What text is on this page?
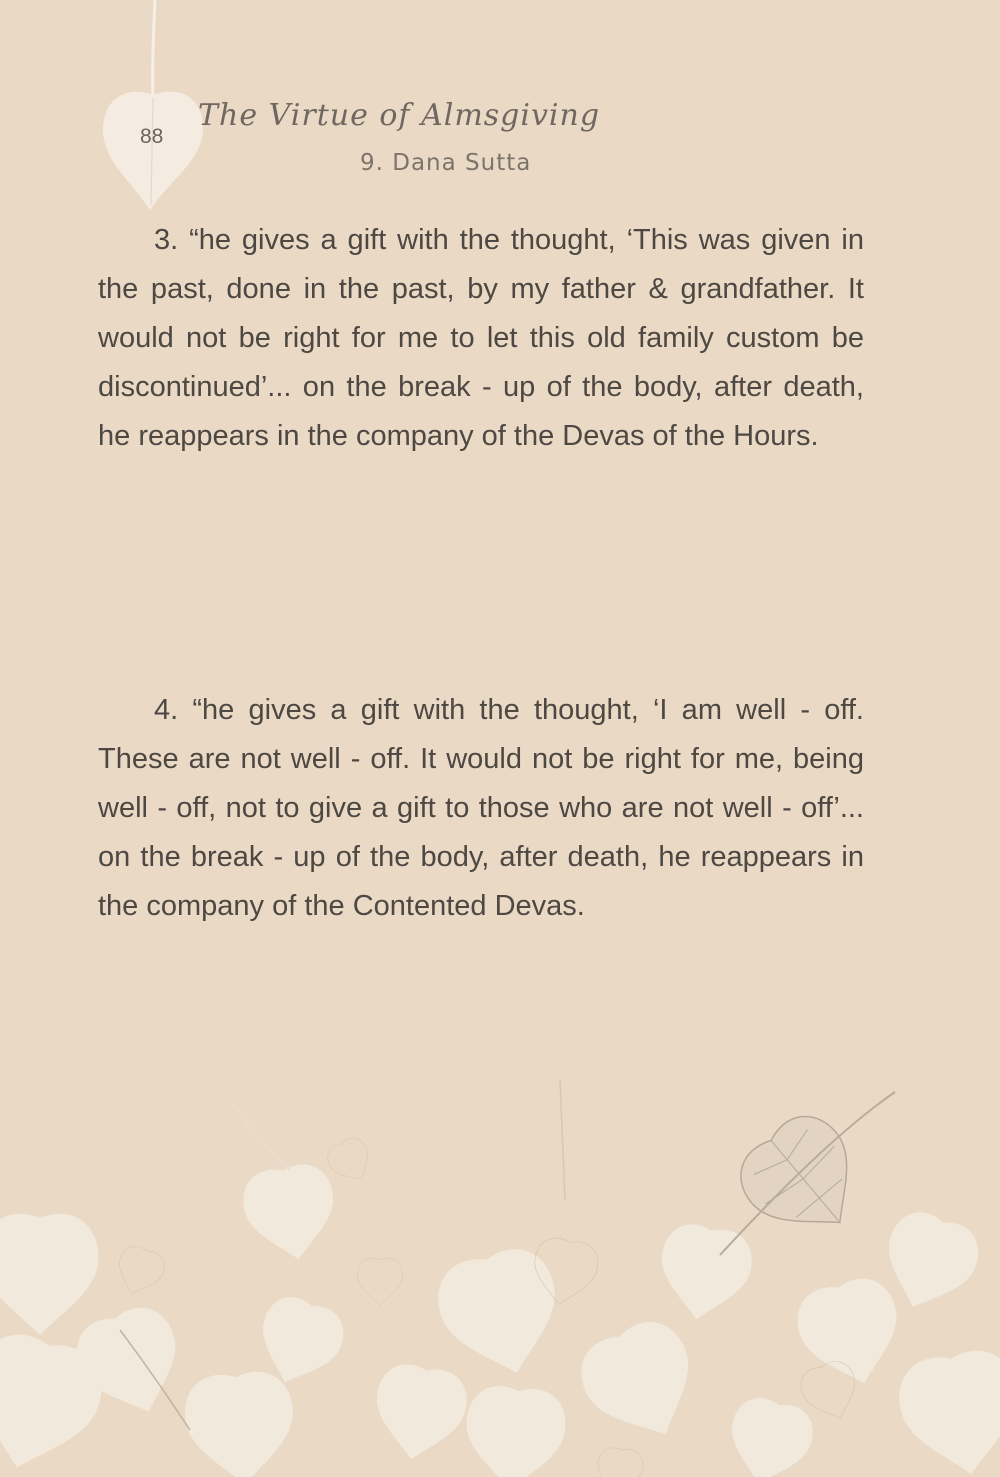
88
The Virtue of Almsgiving
9. Dana Sutta

3. “he gives a gift with the thought, ‘This was given in the past, done in the past, by my father & grandfather. It would not be right for me to let this old family custom be discontinued’... on the break - up of the body, after death, he reappears in the company of the Devas of the Hours.

4. “he gives a gift with the thought, ‘I am well - off. These are not well - off. It would not be right for me, being well - off, not to give a gift to those who are not well - off’... on the break - up of the body, after death, he reappears in the company of the Contented Devas.
